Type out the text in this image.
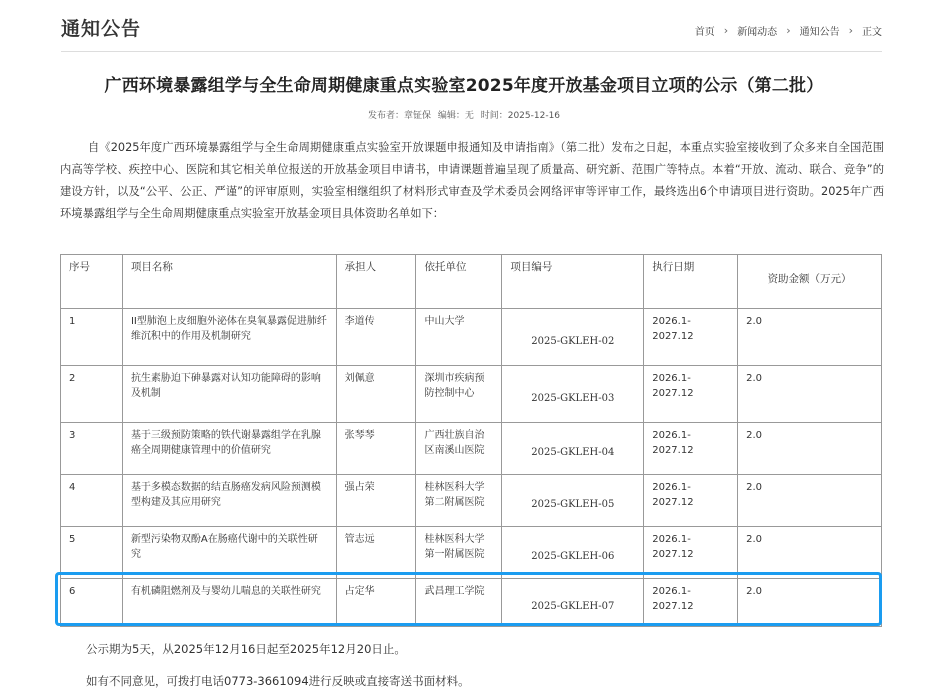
通知公告	首页 › 新闻动态 › 通知公告 › 正文
广西环境暴露组学与全生命周期健康重点实验室2025年度开放基金项目立项的公示（第二批）
发布者：章钲保 编辑：无 时间：2025-12-16

自《2025年度广西环境暴露组学与全生命周期健康重点实验室开放课题申报通知及申请指南》（第二批）发布之日起，本重点实验室接收到了众多来自全国范围内高等学校、疾控中心、医院和其它相关单位报送的开放基金项目申请书，申请课题普遍呈现了质量高、研究新、范围广等特点。本着“开放、流动、联合、竞争”的建设方针，以及“公平、公正、严谨”的评审原则，实验室相继组织了材料形式审查及学术委员会网络评审等评审工作，最终选出6个申请项目进行资助。2025年广西环境暴露组学与全生命周期健康重点实验室开放基金项目具体资助名单如下：

序号	项目名称	承担人	依托单位	项目编号	执行日期	资助金额（万元）
1	II型肺泡上皮细胞外泌体在臭氧暴露促进肺纤维沉积中的作用及机制研究	李道传	中山大学	2025-GKLEH-02	2026.1-2027.12	2.0
2	抗生素胁迫下砷暴露对认知功能障碍的影响及机制	刘佩意	深圳市疾病预防控制中心	2025-GKLEH-03	2026.1-2027.12	2.0
3	基于三级预防策略的铁代谢暴露组学在乳腺癌全周期健康管理中的价值研究	张琴琴	广西壮族自治区南溪山医院	2025-GKLEH-04	2026.1-2027.12	2.0
4	基于多模态数据的结直肠癌发病风险预测模型构建及其应用研究	强占荣	桂林医科大学第二附属医院	2025-GKLEH-05	2026.1-2027.12	2.0
5	新型污染物双酚A在肠癌代谢中的关联性研究	管志远	桂林医科大学第一附属医院	2025-GKLEH-06	2026.1-2027.12	2.0
6	有机磷阻燃剂及与婴幼儿喘息的关联性研究	占定华	武昌理工学院	2025-GKLEH-07	2026.1-2027.12	2.0

公示期为5天，从2025年12月16日起至2025年12月20日止。

如有不同意见，可拨打电话0773-3661094进行反映或直接寄送书面材料。
